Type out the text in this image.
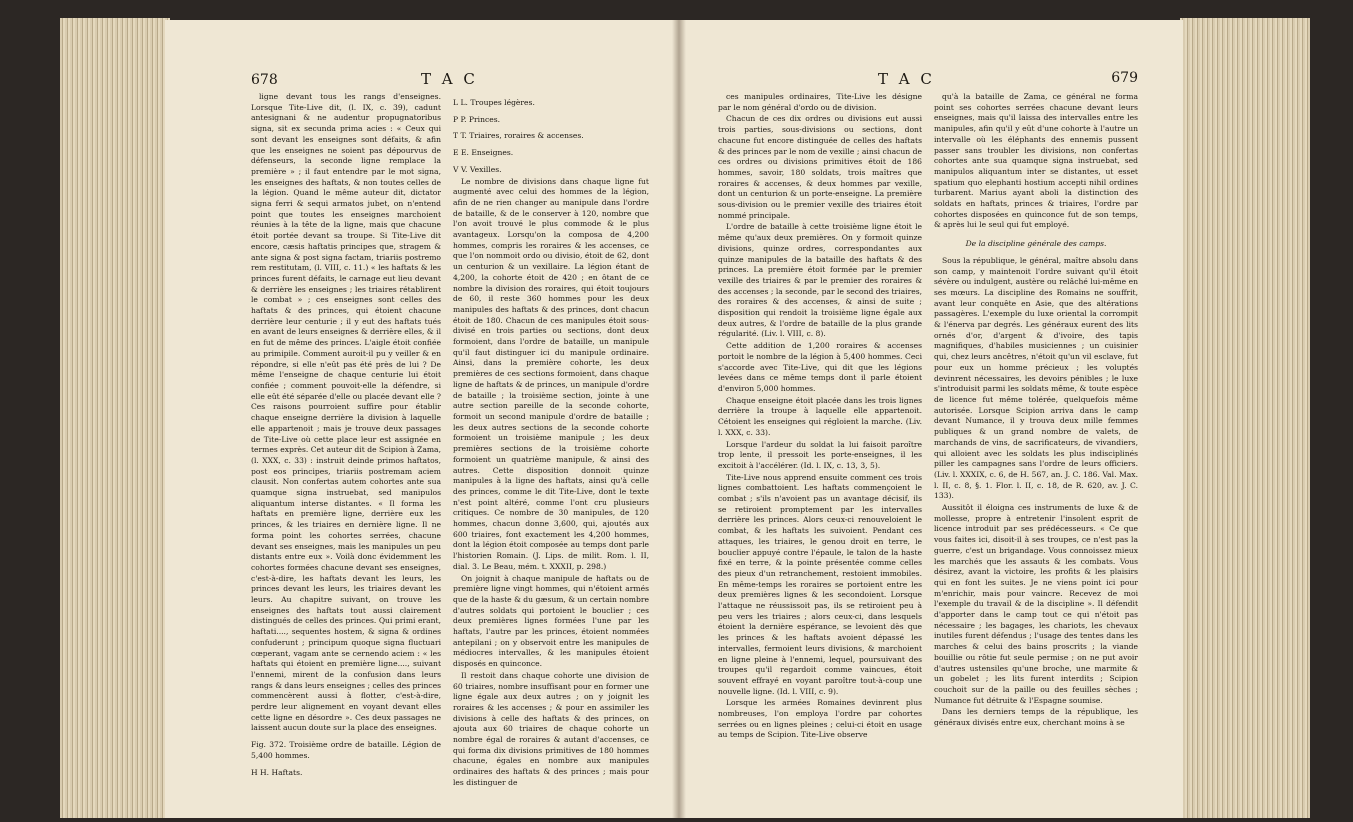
678	T A C

ligne devant tous les rangs d'enseignes. Lorsque Tite-Live dit, (l. IX, c. 39), cadunt antesignani & ne audentur propugnatoribus signa, sit ex secunda prima acies : « Ceux qui sont devant les enseignes sont défaits, & afin que les enseignes ne soient pas dépourvus de défenseurs, la seconde ligne remplace la première » ; il faut entendre par le mot signa, les enseignes des haftats, & non toutes celles de la légion. Quand le même auteur dit, dictator signa ferri & sequi armatos jubet, on n'entend point que toutes les enseignes marchoient réunies à la tête de la ligne, mais que chacune étoit portée devant sa troupe. Si Tite-Live dit encore, cæsis haftatis principes que, stragem & ante signa & post signa factam, triariis postremo rem restitutam, (l. VIII, c. 11.) « les haftats & les princes furent défaits, le carnage eut lieu devant & derrière les enseignes ; les triaires rétablirent le combat » ; ces enseignes sont celles des haftats & des princes, qui étoient chacune derrière leur centurie ; il y eut des haftats tués en avant de leurs enseignes & derrière elles, & il en fut de même des princes. L'aigle étoit confiée au primipile. Comment auroit-il pu y veiller & en répondre, si elle n'eût pas été près de lui ? De même l'enseigne de chaque centurie lui étoit confiée ; comment pouvoit-elle la défendre, si elle eût été séparée d'elle ou placée devant elle ? Ces raisons pourroient suffire pour établir chaque enseigne derrière la division à laquelle elle appartenoit ; mais je trouve deux passages de Tite-Live où cette place leur est assignée en termes exprès. Cet auteur dit de Scipion à Zama, (l. XXX, c. 33) : instruit deinde primos haftatos, post eos principes, triariis postremam aciem clausit. Non confertas autem cohortes ante sua quamque signa instruebat, sed manipulos aliquantum interse distantes. « Il forma les haftats en première ligne, derrière eux les princes, & les triaires en dernière ligne. Il ne forma point les cohortes serrées, chacune devant ses enseignes, mais les manipules un peu distants entre eux ». Voilà donc évidemment les cohortes formées chacune devant ses enseignes, c'est-à-dire, les haftats devant les leurs, les princes devant les leurs, les triaires devant les leurs. Au chapitre suivant, on trouve les enseignes des haftats tout aussi clairement distingués de celles des princes. Qui primi erant, haftati...., sequentes hostem, & signa & ordines confuderunt ; principum quoque signa fluctuari cœperant, vagam ante se cernendo aciem : « les haftats qui étoient en première ligne...., suivant l'ennemi, mirent de la confusion dans leurs rangs & dans leurs enseignes ; celles des princes commencèrent aussi à flotter, c'est-à-dire, perdre leur alignement en voyant devant elles cette ligne en désordre ». Ces deux passages ne laissent aucun doute sur la place des enseignes.

Fig. 372. Troisième ordre de bataille. Légion de 5,400 hommes.

H H. Haftats.

L L. Troupes légères.

P P. Princes.

T T. Triaires, roraires & accenses.

E E. Enseignes.

V V. Vexilles.

Le nombre de divisions dans chaque ligne fut augmenté avec celui des hommes de la légion, afin de ne rien changer au manipule dans l'ordre de bataille, & de le conserver à 120, nombre que l'on avoit trouvé le plus commode & le plus avantageux. Lorsqu'on la composa de 4,200 hommes, compris les roraires & les accenses, ce que l'on nommoit ordo ou divisio, étoit de 62, dont un centurion & un vexillaire. La légion étant de 4,200, la cohorte étoit de 420 ; en ôtant de ce nombre la division des roraires, qui étoit toujours de 60, il reste 360 hommes pour les deux manipules des haftats & des princes, dont chacun étoit de 180. Chacun de ces manipules étoit sous-divisé en trois parties ou sections, dont deux formoient, dans l'ordre de bataille, un manipule qu'il faut distinguer ici du manipule ordinaire. Ainsi, dans la première cohorte, les deux premières de ces sections formoient, dans chaque ligne de haftats & de princes, un manipule d'ordre de bataille ; la troisième section, jointe à une autre section pareille de la seconde cohorte, formoit un second manipule d'ordre de bataille ; les deux autres sections de la seconde cohorte formoient un troisième manipule ; les deux premières sections de la troisième cohorte formoient un quatrième manipule, & ainsi des autres. Cette disposition donnoit quinze manipules à la ligne des haftats, ainsi qu'à celle des princes, comme le dit Tite-Live, dont le texte n'est point altéré, comme l'ont cru plusieurs critiques. Ce nombre de 30 manipules, de 120 hommes, chacun donne 3,600, qui, ajoutés aux 600 triaires, font exactement les 4,200 hommes, dont la légion étoit composée au temps dont parle l'historien Romain. (J. Lips. de milit. Rom. l. II, dial. 3. Le Beau, mém. t. XXXII, p. 298.)

On joignit à chaque manipule de haftats ou de première ligne vingt hommes, qui n'étoient armés que de la haste & du gæsum, & un certain nombre d'autres soldats qui portoient le bouclier ; ces deux premières lignes formées l'une par les haftats, l'autre par les princes, étoient nommées antepilani ; on y observoit entre les manipules de médiocres intervalles, & les manipules étoient disposés en quinconce.

Il restoit dans chaque cohorte une division de 60 triaires, nombre insuffisant pour en former une ligne égale aux deux autres ; on y joignit les roraires & les accenses ; & pour en assimiler les divisions à celle des haftats & des princes, on ajouta aux 60 triaires de chaque cohorte un nombre égal de roraires & autant d'accenses, ce qui forma dix divisions primitives de 180 hommes chacune, égales en nombre aux manipules ordinaires des haftats & des princes ; mais pour les distinguer de

T A C	679

ces manipules ordinaires, Tite-Live les désigne par le nom général d'ordo ou de division.

Chacun de ces dix ordres ou divisions eut aussi trois parties, sous-divisions ou sections, dont chacune fut encore distinguée de celles des haftats & des princes par le nom de vexille ; ainsi chacun de ces ordres ou divisions primitives étoit de 186 hommes, savoir, 180 soldats, trois maîtres que roraires & accenses, & deux hommes par vexille, dont un centurion & un porte-enseigne. La première sous-division ou le premier vexille des triaires étoit nommé principale.

L'ordre de bataille à cette troisième ligne étoit le même qu'aux deux premières. On y formoit quinze divisions, quinze ordres, correspondantes aux quinze manipules de la bataille des haftats & des princes. La première étoit formée par le premier vexille des triaires & par le premier des roraires & des accenses ; la seconde, par le second des triaires, des roraires & des accenses, & ainsi de suite ; disposition qui rendoit la troisième ligne égale aux deux autres, & l'ordre de bataille de la plus grande régularité. (Liv. l. VIII, c. 8).

Cette addition de 1,200 roraires & accenses portoit le nombre de la légion à 5,400 hommes. Ceci s'accorde avec Tite-Live, qui dit que les légions levées dans ce même temps dont il parle étoient d'environ 5,000 hommes.

Chaque enseigne étoit placée dans les trois lignes derrière la troupe à laquelle elle appartenoit. Cétoient les enseignes qui régloient la marche. (Liv. l. XXX, c. 33).

Lorsque l'ardeur du soldat la lui faisoit paroître trop lente, il pressoit les porte-enseignes, il les excitoit à l'accélérer. (Id. l. IX, c. 13, 3, 5).

Tite-Live nous apprend ensuite comment ces trois lignes combattoient. Les haftats commençoient le combat ; s'ils n'avoient pas un avantage décisif, ils se retiroient promptement par les intervalles derrière les princes. Alors ceux-ci renouveloient le combat, & les haftats les suivoient. Pendant ces attaques, les triaires, le genou droit en terre, le bouclier appuyé contre l'épaule, le talon de la haste fixé en terre, & la pointe présentée comme celles des pieux d'un retranchement, restoient immobiles. En même-temps les roraires se portoient entre les deux premières lignes & les secondoient. Lorsque l'attaque ne réussissoit pas, ils se retiroient peu à peu vers les triaires ; alors ceux-ci, dans lesquels étoient la dernière espérance, se levoient dès que les princes & les haftats avoient dépassé les intervalles, fermoient leurs divisions, & marchoient en ligne pleine à l'ennemi, lequel, poursuivant des troupes qu'il regardoit comme vaincues, étoit souvent effrayé en voyant paroître tout-à-coup une nouvelle ligne. (Id. l. VIII, c. 9).

Lorsque les armées Romaines devinrent plus nombreuses, l'on employa l'ordre par cohortes serrées ou en lignes pleines ; celui-ci étoit en usage au temps de Scipion. Tite-Live observe

qu'à la bataille de Zama, ce général ne forma point ses cohortes serrées chacune devant leurs enseignes, mais qu'il laissa des intervalles entre les manipules, afin qu'il y eût d'une cohorte à l'autre un intervalle où les éléphants des ennemis pussent passer sans troubler les divisions, non confertas cohortes ante sua quamque signa instruebat, sed manipulos aliquantum inter se distantes, ut esset spatium quo elephanti hostium accepti nihil ordines turbarent. Marius ayant aboli la distinction des soldats en haftats, princes & triaires, l'ordre par cohortes disposées en quinconce fut de son temps, & après lui le seul qui fut employé.

De la discipline générale des camps.

Sous la république, le général, maître absolu dans son camp, y maintenoit l'ordre suivant qu'il étoit sévère ou indulgent, austère ou relâché lui-même en ses mœurs. La discipline des Romains ne souffrit, avant leur conquête en Asie, que des altérations passagères. L'exemple du luxe oriental la corrompit & l'énerva par degrés. Les généraux eurent des lits ornés d'or, d'argent & d'ivoire, des tapis magnifiques, d'habiles musiciennes ; un cuisinier qui, chez leurs ancêtres, n'étoit qu'un vil esclave, fut pour eux un homme précieux ; les voluptés devinrent nécessaires, les devoirs pénibles ; le luxe s'introduisit parmi les soldats même, & toute espèce de licence fut même tolérée, quelquefois même autorisée. Lorsque Scipion arriva dans le camp devant Numance, il y trouva deux mille femmes publiques & un grand nombre de valets, de marchands de vins, de sacrificateurs, de vivandiers, qui alloient avec les soldats les plus indisciplinés piller les campagnes sans l'ordre de leurs officiers. (Liv. l. XXXIX, c. 6, de H. 567, an. J. C. 186. Val. Max. l. II, c. 8, §. 1. Flor. l. II, c. 18, de R. 620, av. J. C. 133).

Aussitôt il éloigna ces instruments de luxe & de mollesse, propre à entretenir l'insolent esprit de licence introduit par ses prédécesseurs. « Ce que vous faites ici, disoit-il à ses troupes, ce n'est pas la guerre, c'est un brigandage. Vous connoissez mieux les marchés que les assauts & les combats. Vous désirez, avant la victoire, les profits & les plaisirs qui en font les suites. Je ne viens point ici pour m'enrichir, mais pour vaincre. Recevez de moi l'exemple du travail & de la discipline ». Il défendit d'apporter dans le camp tout ce qui n'étoit pas nécessaire ; les bagages, les chariots, les chevaux inutiles furent défendus ; l'usage des tentes dans les marches & celui des bains proscrits ; la viande bouillie ou rôtie fut seule permise ; on ne put avoir d'autres ustensiles qu'une broche, une marmite & un gobelet ; les lits furent interdits ; Scipion couchoit sur de la paille ou des feuilles sèches ; Numance fut détruite & l'Espagne soumise.

Dans les derniers temps de la république, les généraux divisés entre eux, cherchant moins à se
